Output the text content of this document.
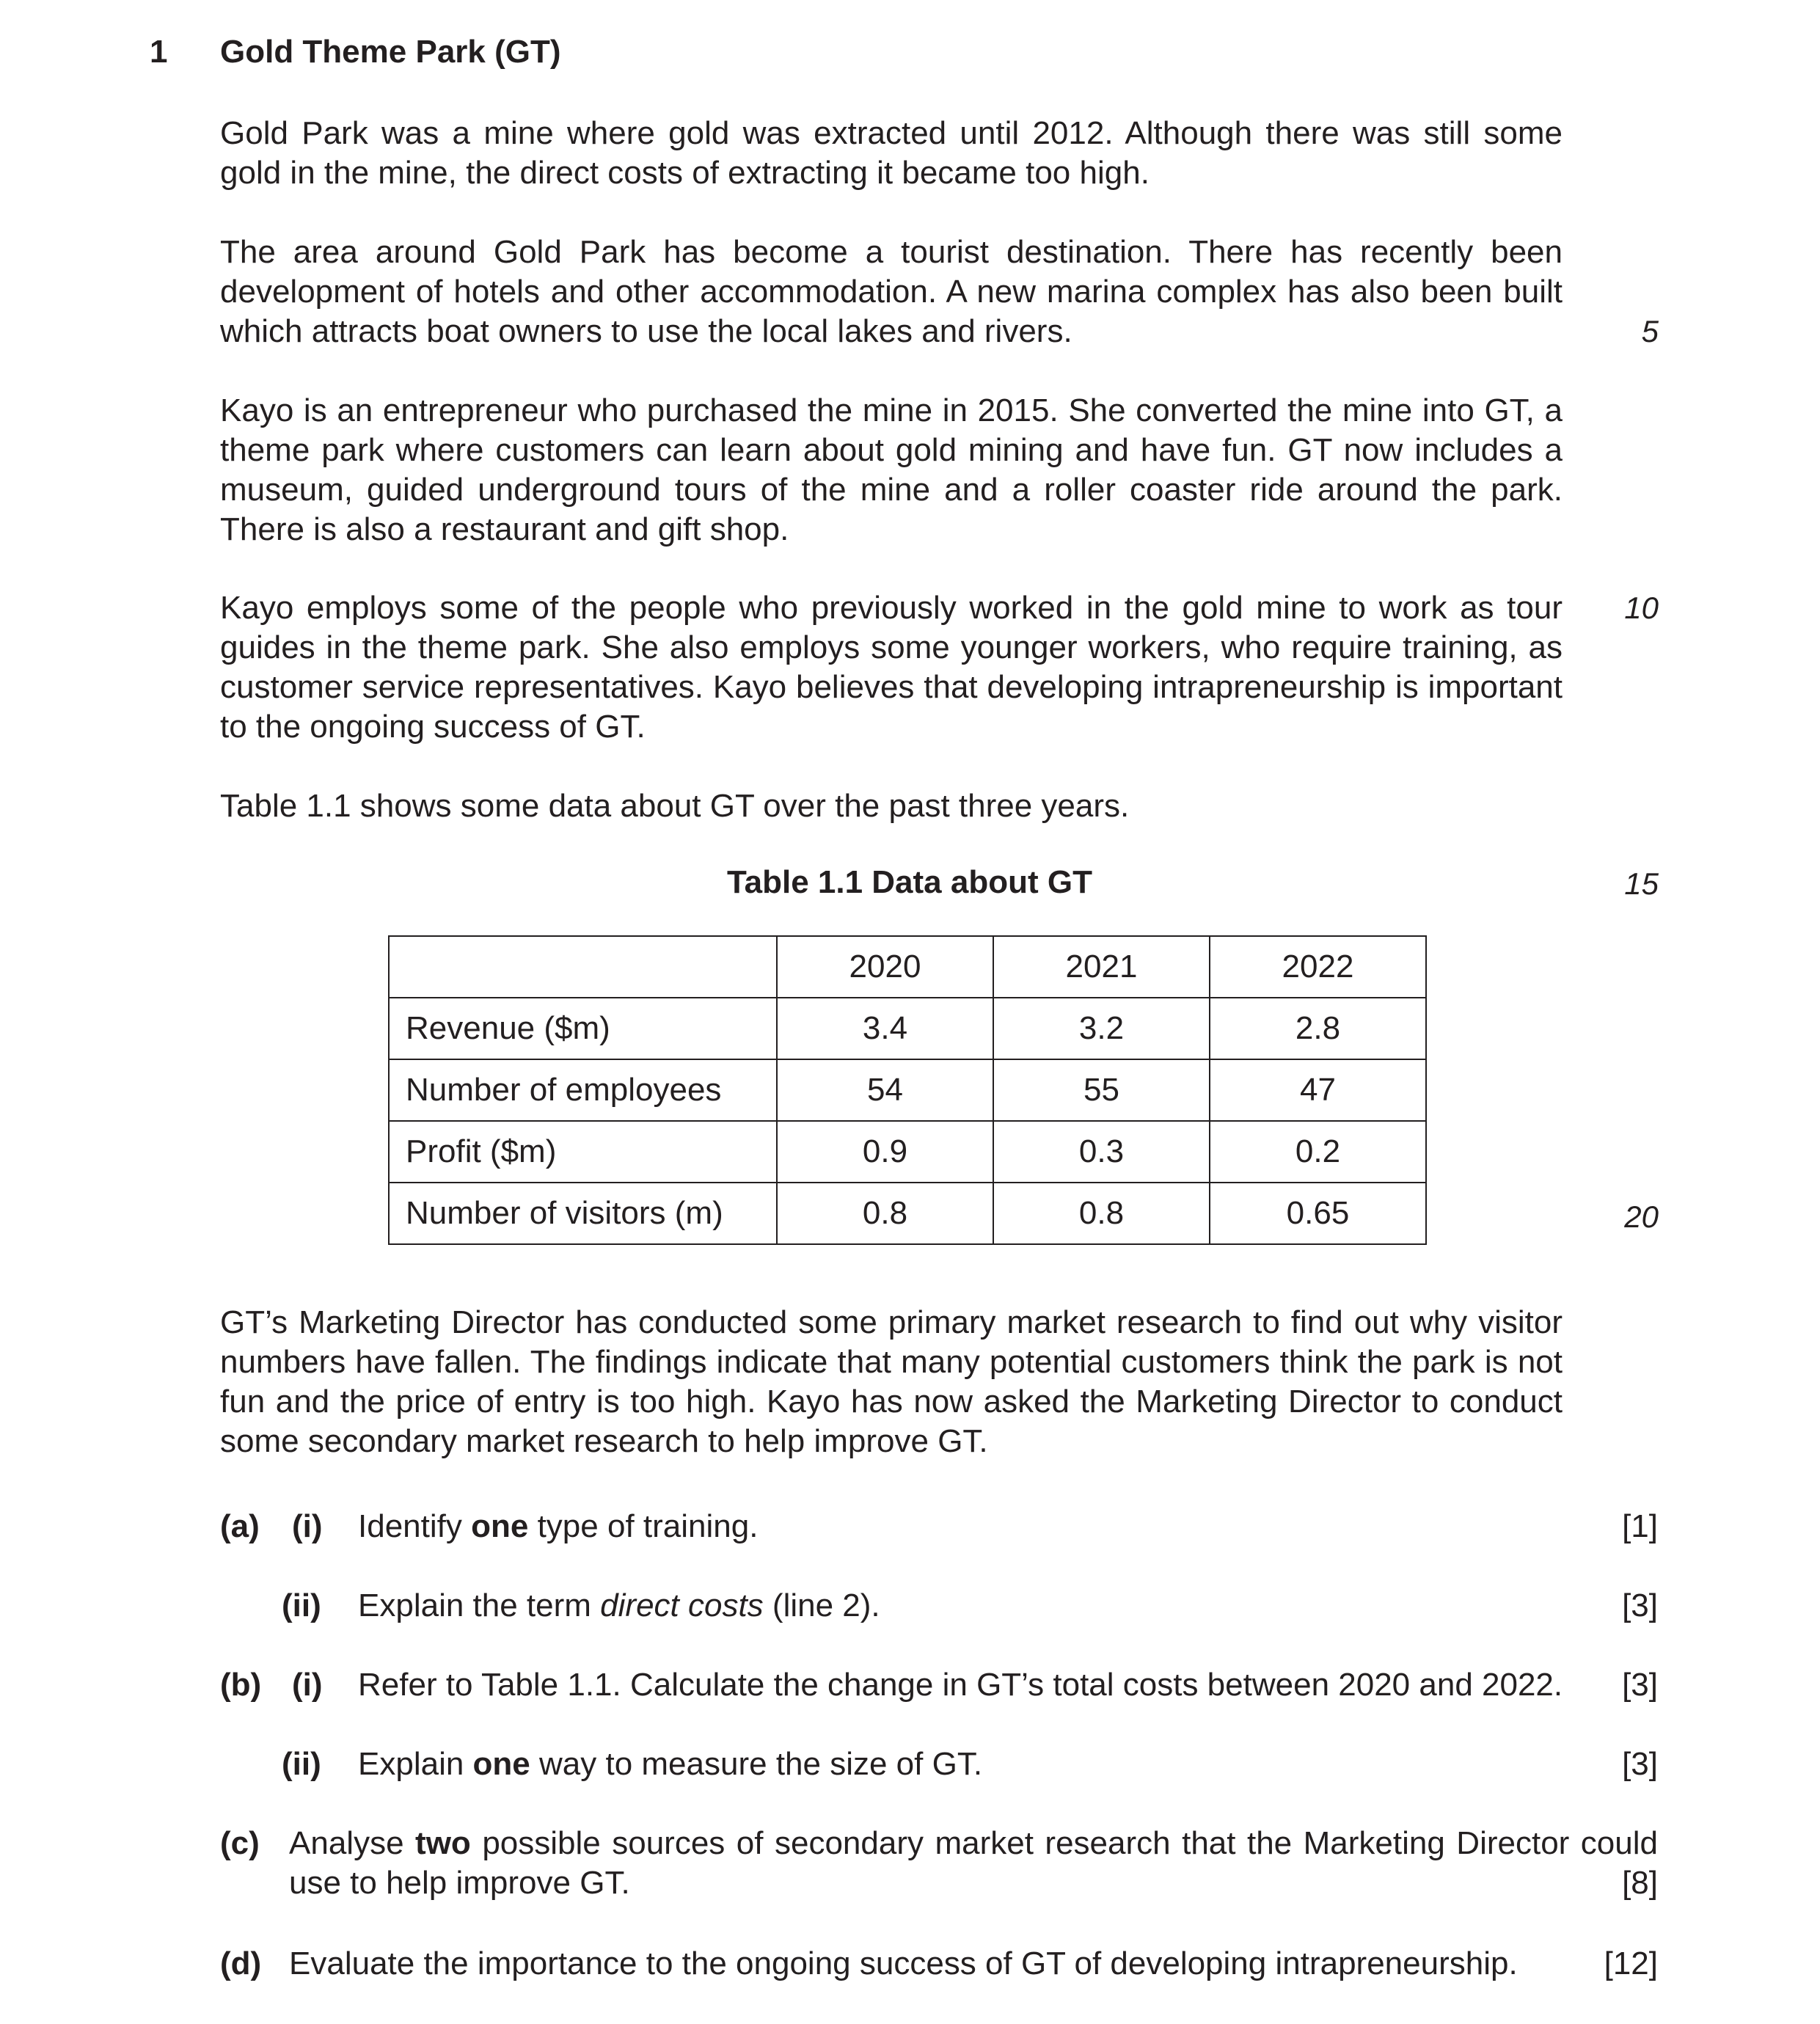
1 Gold Theme Park (GT)

Gold Park was a mine where gold was extracted until 2012. Although there was still some gold in the mine, the direct costs of extracting it became too high.

The area around Gold Park has become a tourist destination. There has recently been development of hotels and other accommodation. A new marina complex has also been built which attracts boat owners to use the local lakes and rivers.	5

Kayo is an entrepreneur who purchased the mine in 2015. She converted the mine into GT, a theme park where customers can learn about gold mining and have fun. GT now includes a museum, guided underground tours of the mine and a roller coaster ride around the park. There is also a restaurant and gift shop.

Kayo employs some of the people who previously worked in the gold mine to work as tour guides in the theme park. She also employs some younger workers, who require training, as customer service representatives. Kayo believes that developing intrapreneurship is important to the ongoing success of GT.

10

Table 1.1 shows some data about GT over the past three years.

Table 1.1 Data about GT	15
	2020	2021	2022
Revenue ($m)	3.4	3.2	2.8
Number of employees	54	55	47
Profit ($m)	0.9	0.3	0.2
Number of visitors (m)	0.8	0.8	0.65	20

GT’s Marketing Director has conducted some primary market research to find out why visitor numbers have fallen. The findings indicate that many potential customers think the park is not fun and the price of entry is too high. Kayo has now asked the Marketing Director to conduct some secondary market research to help improve GT.

(a) (i) Identify one type of training.	[1]
(ii) Explain the term direct costs (line 2).	[3]
(b) (i) Refer to Table 1.1. Calculate the change in GT’s total costs between 2020 and 2022. [3]
(ii) Explain one way to measure the size of GT.	[3]
(c) Analyse two possible sources of secondary market research that the Marketing Director could use to help improve GT.	[8]
(d) Evaluate the importance to the ongoing success of GT of developing intrapreneurship.	[12]
